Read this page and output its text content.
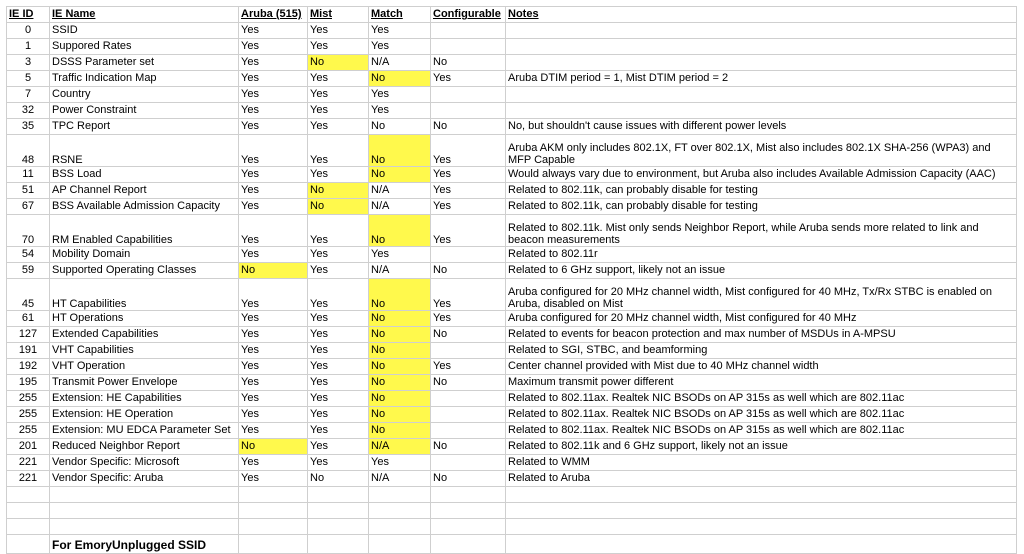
IE ID	IE Name	Aruba (515)	Mist	Match	Configurable	Notes
0	SSID	Yes	Yes	Yes		
1	Suppored Rates	Yes	Yes	Yes		
3	DSSS Parameter set	Yes	No	N/A	No	
5	Traffic Indication Map	Yes	Yes	No	Yes	Aruba DTIM period = 1, Mist DTIM period = 2
7	Country	Yes	Yes	Yes		
32	Power Constraint	Yes	Yes	Yes		
35	TPC Report	Yes	Yes	No	No	No, but shouldn't cause issues with different power levels
48	RSNE	Yes	Yes	No	Yes	Aruba AKM only includes 802.1X, FT over 802.1X, Mist also includes 802.1X SHA-256 (WPA3) and MFP Capable
11	BSS Load	Yes	Yes	No	Yes	Would always vary due to environment, but Aruba also includes Available Admission Capacity (AAC)
51	AP Channel Report	Yes	No	N/A	Yes	Related to 802.11k, can probably disable for testing
67	BSS Available Admission Capacity	Yes	No	N/A	Yes	Related to 802.11k, can probably disable for testing
70	RM Enabled Capabilities	Yes	Yes	No	Yes	Related to 802.11k. Mist only sends Neighbor Report, while Aruba sends more related to link and beacon measurements
54	Mobility Domain	Yes	Yes	Yes		Related to 802.11r
59	Supported Operating Classes	No	Yes	N/A	No	Related to 6 GHz support, likely not an issue
45	HT Capabilities	Yes	Yes	No	Yes	Aruba configured for 20 MHz channel width, Mist configured for 40 MHz, Tx/Rx STBC is enabled on Aruba, disabled on Mist
61	HT Operations	Yes	Yes	No	Yes	Aruba configured for 20 MHz channel width, Mist configured for 40 MHz
127	Extended Capabilities	Yes	Yes	No	No	Related to events for beacon protection and max number of MSDUs in A-MPSU
191	VHT Capabilities	Yes	Yes	No		Related to SGI, STBC, and beamforming
192	VHT Operation	Yes	Yes	No	Yes	Center channel provided with Mist due to 40 MHz channel width
195	Transmit Power Envelope	Yes	Yes	No	No	Maximum transmit power different
255	Extension: HE Capabilities	Yes	Yes	No		Related to 802.11ax. Realtek NIC BSODs on AP 315s as well which are 802.11ac
255	Extension: HE Operation	Yes	Yes	No		Related to 802.11ax. Realtek NIC BSODs on AP 315s as well which are 802.11ac
255	Extension: MU EDCA Parameter Set	Yes	Yes	No		Related to 802.11ax. Realtek NIC BSODs on AP 315s as well which are 802.11ac
201	Reduced Neighbor Report	No	Yes	N/A	No	Related to 802.11k and 6 GHz support, likely not an issue
221	Vendor Specific: Microsoft	Yes	Yes	Yes		Related to WMM
221	Vendor Specific: Aruba	Yes	No	N/A	No	Related to Aruba

	For EmoryUnplugged SSID					
